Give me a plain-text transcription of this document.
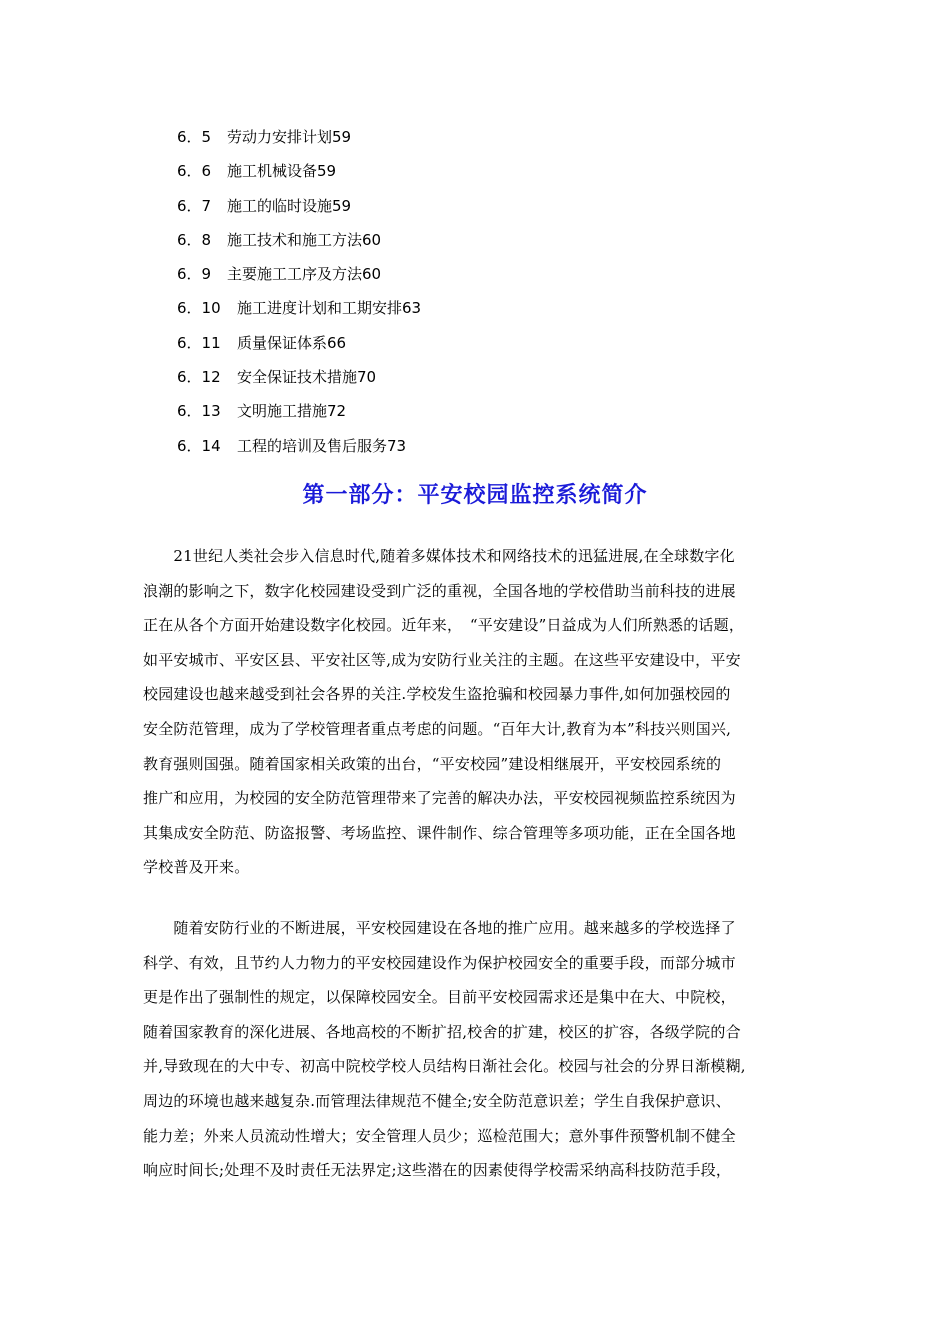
6．5 劳动力安排计划59
6．6 施工机械设备59
6．7 施工的临时设施59
6．8 施工技术和施工方法60
6．9 主要施工工序及方法60
6．10 施工进度计划和工期安排63
6．11 质量保证体系66
6．12 安全保证技术措施70
6．13 文明施工措施72
6．14 工程的培训及售后服务73
第一部分：平安校园监控系统简介

　　21世纪人类社会步入信息时代,随着多媒体技术和网络技术的迅猛进展,在全球数字化
浪潮的影响之下，数字化校园建设受到广泛的重视，全国各地的学校借助当前科技的进展
正在从各个方面开始建设数字化校园。近年来，　“平安建设”日益成为人们所熟悉的话题，
如平安城市、平安区县、平安社区等,成为安防行业关注的主题。在这些平安建设中，平安
校园建设也越来越受到社会各界的关注.学校发生盗抢骗和校园暴力事件,如何加强校园的
安全防范管理，成为了学校管理者重点考虑的问题。“百年大计,教育为本”科技兴则国兴,
教育强则国强。随着国家相关政策的出台，“平安校园”建设相继展开，平安校园系统的
推广和应用，为校园的安全防范管理带来了完善的解决办法，平安校园视频监控系统因为
其集成安全防范、防盗报警、考场监控、课件制作、综合管理等多项功能，正在全国各地
学校普及开来。

　　随着安防行业的不断进展，平安校园建设在各地的推广应用。越来越多的学校选择了
科学、有效，且节约人力物力的平安校园建设作为保护校园安全的重要手段，而部分城市
更是作出了强制性的规定，以保障校园安全。目前平安校园需求还是集中在大、中院校，
随着国家教育的深化进展、各地高校的不断扩招,校舍的扩建，校区的扩容，各级学院的合
并,导致现在的大中专、初高中院校学校人员结构日渐社会化。校园与社会的分界日渐模糊,
周边的环境也越来越复杂.而管理法律规范不健全;安全防范意识差；学生自我保护意识、
能力差；外来人员流动性增大；安全管理人员少；巡检范围大；意外事件预警机制不健全
响应时间长;处理不及时责任无法界定;这些潜在的因素使得学校需采纳高科技防范手段，
